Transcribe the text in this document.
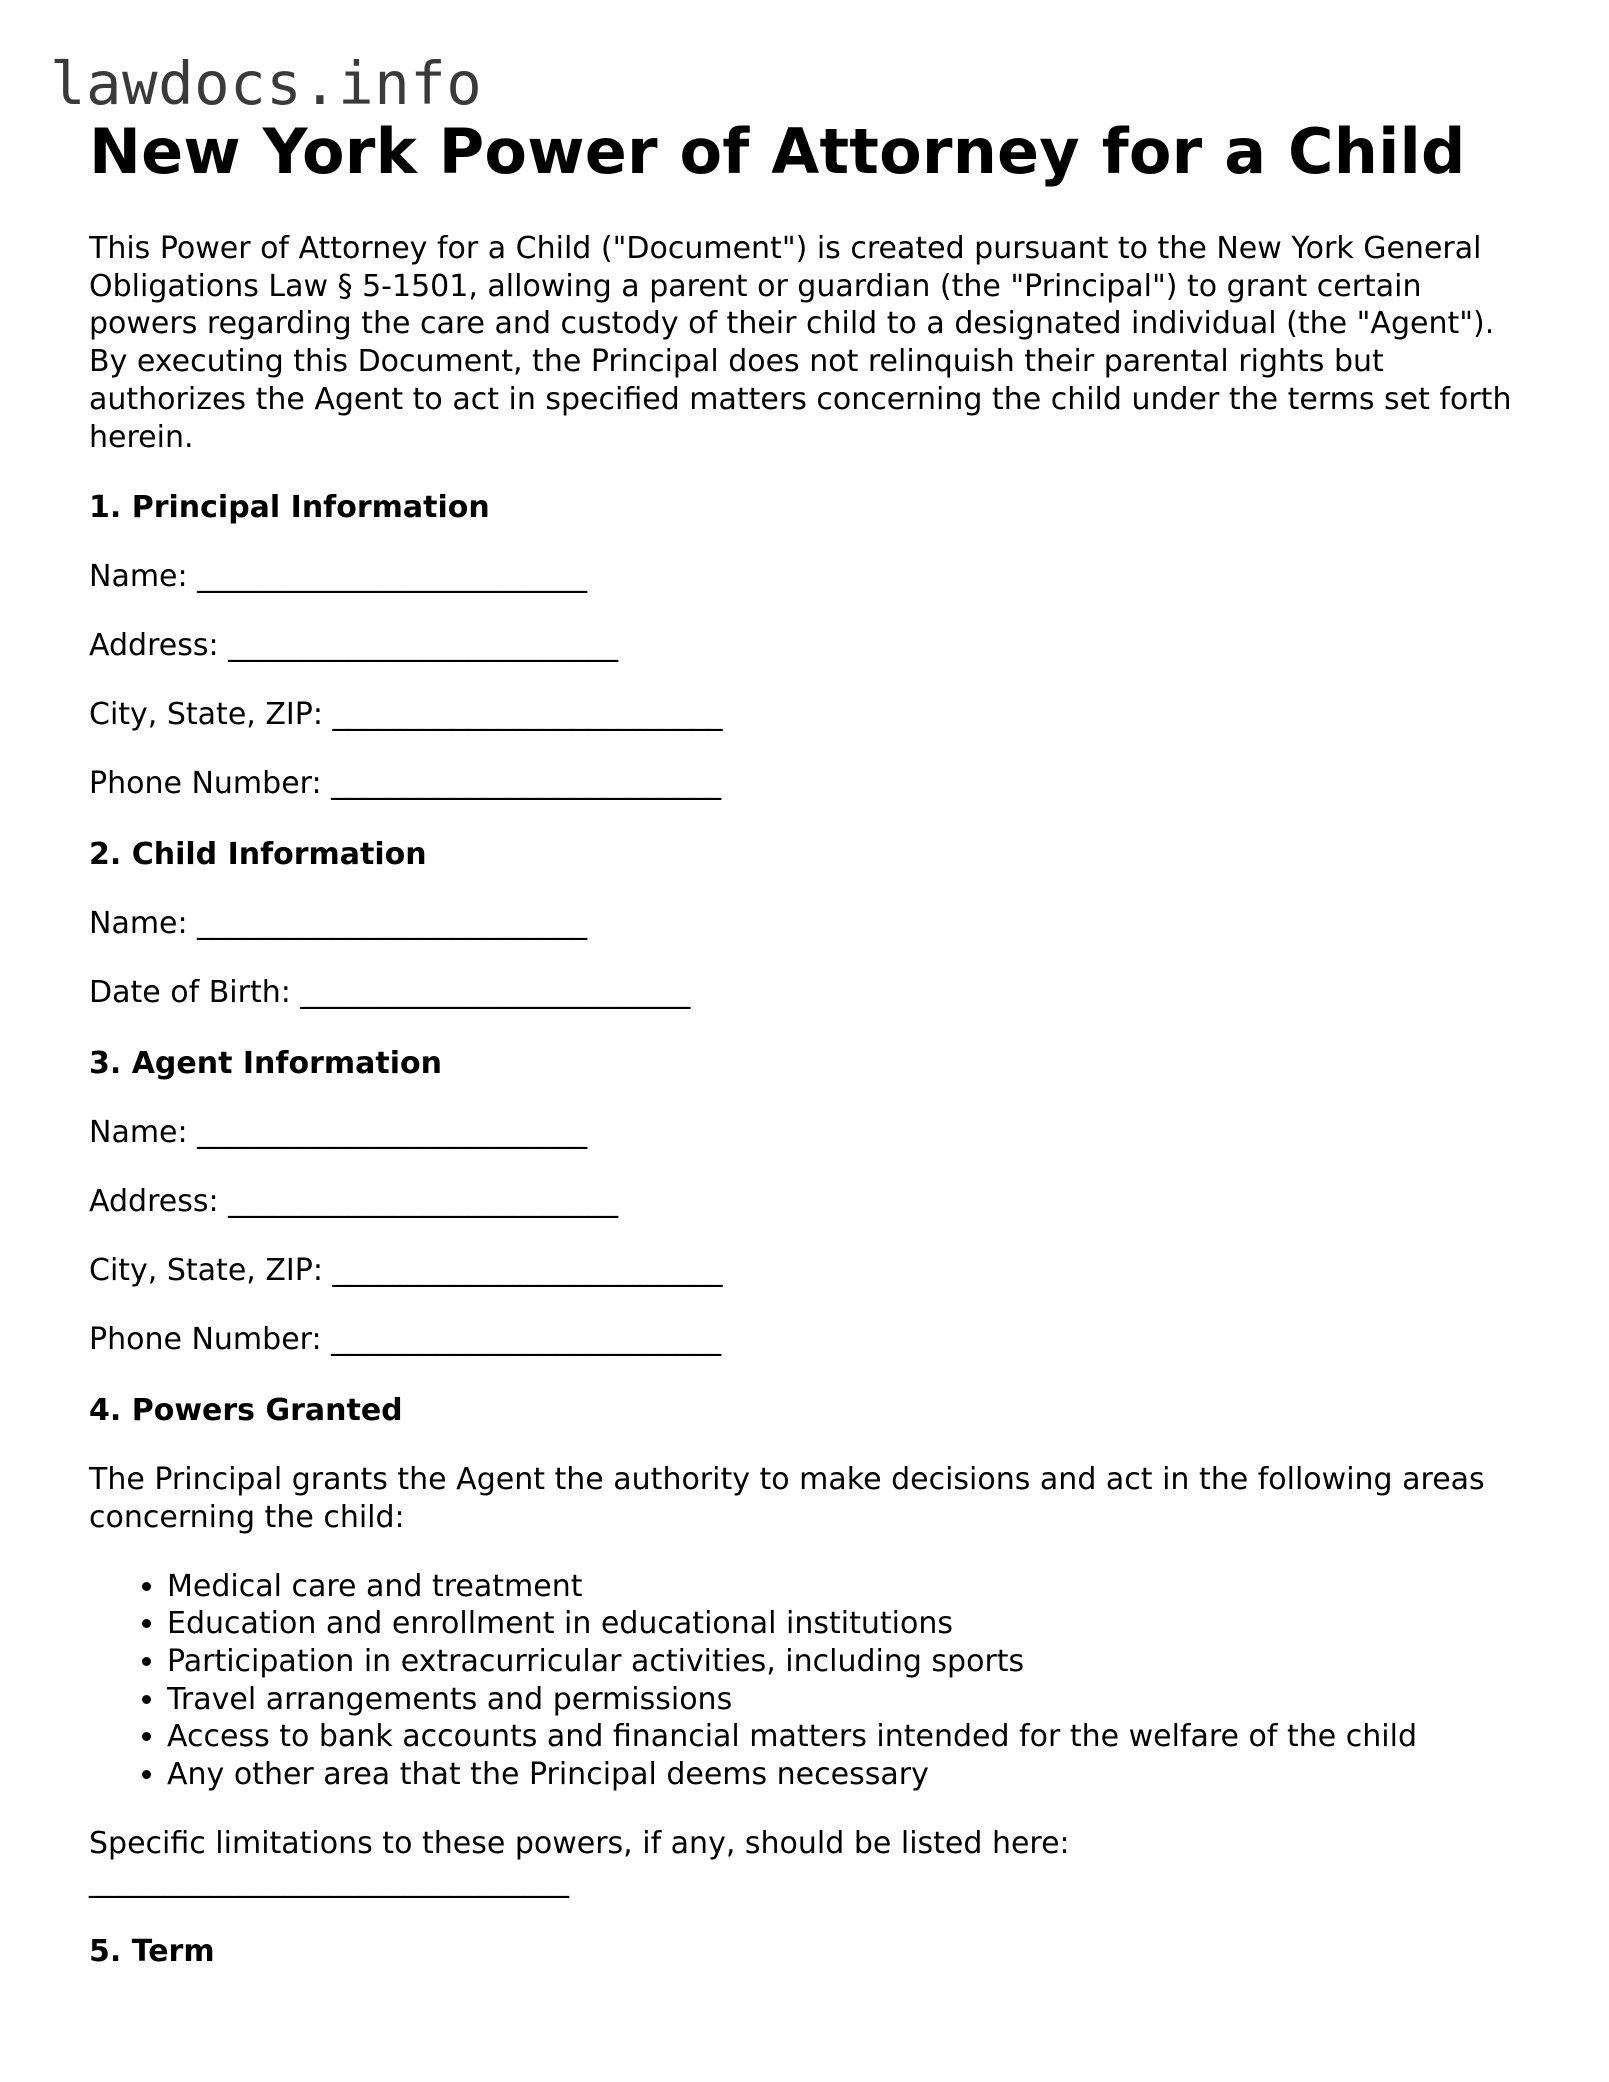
lawdocs.info
New York Power of Attorney for a Child

This Power of Attorney for a Child ("Document") is created pursuant to the New York General Obligations Law § 5-1501, allowing a parent or guardian (the "Principal") to grant certain powers regarding the care and custody of their child to a designated individual (the "Agent"). By executing this Document, the Principal does not relinquish their parental rights but authorizes the Agent to act in specified matters concerning the child under the terms set forth herein.

1. Principal Information

Name: __________________________

Address: __________________________

City, State, ZIP: __________________________

Phone Number: __________________________

2. Child Information

Name: __________________________

Date of Birth: __________________________

3. Agent Information

Name: __________________________

Address: __________________________

City, State, ZIP: __________________________

Phone Number: __________________________

4. Powers Granted

The Principal grants the Agent the authority to make decisions and act in the following areas concerning the child:

• Medical care and treatment
• Education and enrollment in educational institutions
• Participation in extracurricular activities, including sports
• Travel arrangements and permissions
• Access to bank accounts and financial matters intended for the welfare of the child
• Any other area that the Principal deems necessary

Specific limitations to these powers, if any, should be listed here: ________________________________

5. Term
